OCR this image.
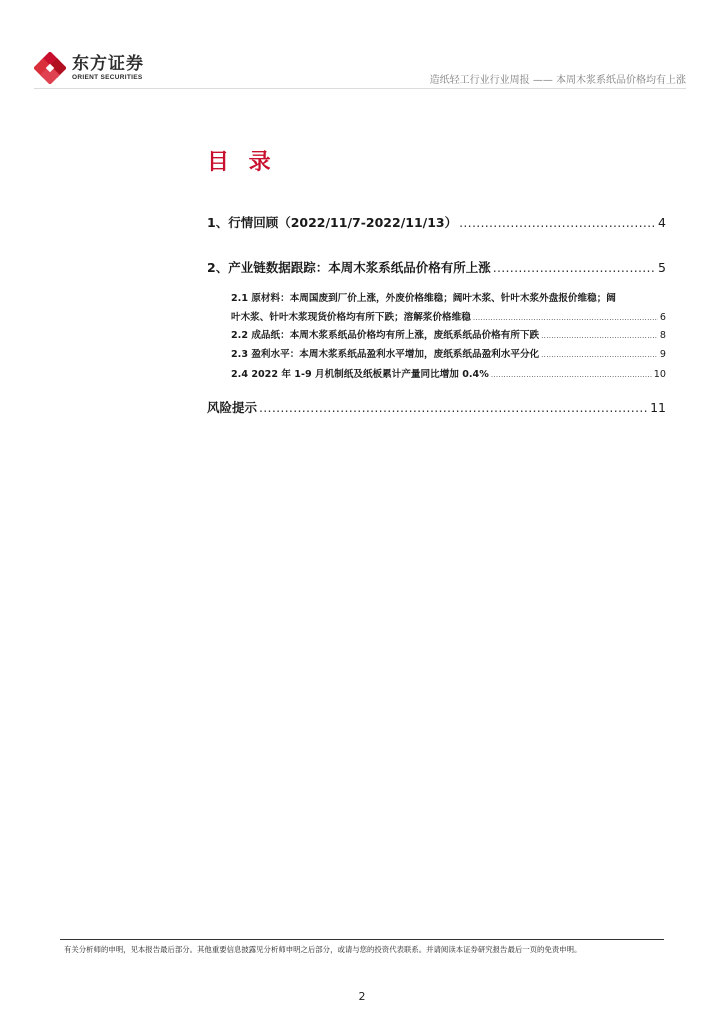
东方证券
ORIENT SECURITIES	造纸轻工行业行业周报 —— 本周木浆系纸品价格均有上涨
目 录
1、行情回顾（2022/11/7-2022/11/13） .....	4
2、产业链数据跟踪：本周木浆系纸品价格有所上涨 .....	5
2.1 原材料：本周国废到厂价上涨，外废价格维稳；阔叶木浆、针叶木浆外盘报价维稳；阔
叶木浆、针叶木浆现货价格均有所下跌；溶解浆价格维稳 .....	6
2.2 成品纸：本周木浆系纸品价格均有所上涨，废纸系纸品价格有所下跌 .....	8
2.3 盈利水平：本周木浆系纸品盈利水平增加，废纸系纸品盈利水平分化 .....	9
2.4 2022 年 1-9 月机制纸及纸板累计产量同比增加 0.4% .....	10
风险提示 .....	11
有关分析师的申明，见本报告最后部分。其他重要信息披露见分析师申明之后部分，或请与您的投资代表联系。并请阅读本证券研究报告最后一页的免责申明。
2
